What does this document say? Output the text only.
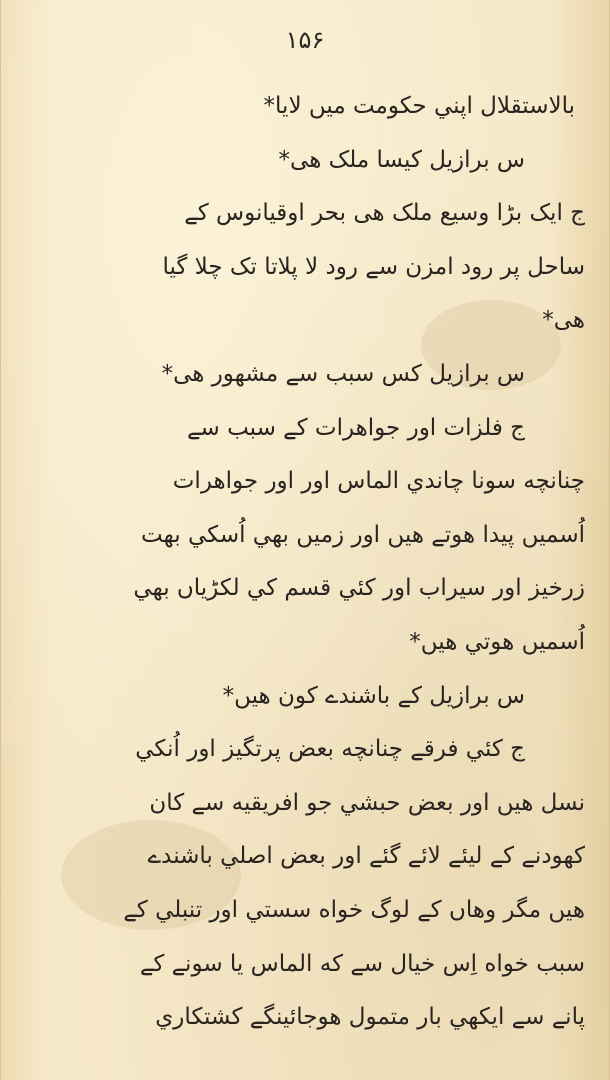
۱۵۶
بالاستقلال اپني حکومت ميں لايا*
س برازيل کيسا ملک هی*
ج ايک بڑا وسيع ملک هی بحر اوقيانوس کے
ساحل پر رود امزن سے رود لا پلاتا تک چلا گيا
هی*
س برازيل کس سبب سے مشهور هی*
ج فلزات اور جواهرات کے سبب سے
چنانچه سونا چاندي الماس اور اور جواهرات
اُسميں پيدا هوتے هيں اور زميں بهي اُسکي بهت
زرخيز اور سيراب اور کئي قسم کي لکڑياں بهي
اُسميں هوتي هيں*
س برازيل کے باشندے کون هيں*
ج کئي فرقے چنانچه بعض پرتگيز اور اُنکي
نسل هيں اور بعض حبشي جو افريقيه سے کان
کهودنے کے ليئے لائے گئے اور بعض اصلي باشندے
هيں مگر وهاں کے لوگ خواه سستي اور تنبلي کے
سبب خواه اِس خيال سے که الماس يا سونے کے
پانے سے ايکهي بار متمول هوجائينگے کشتکاري
